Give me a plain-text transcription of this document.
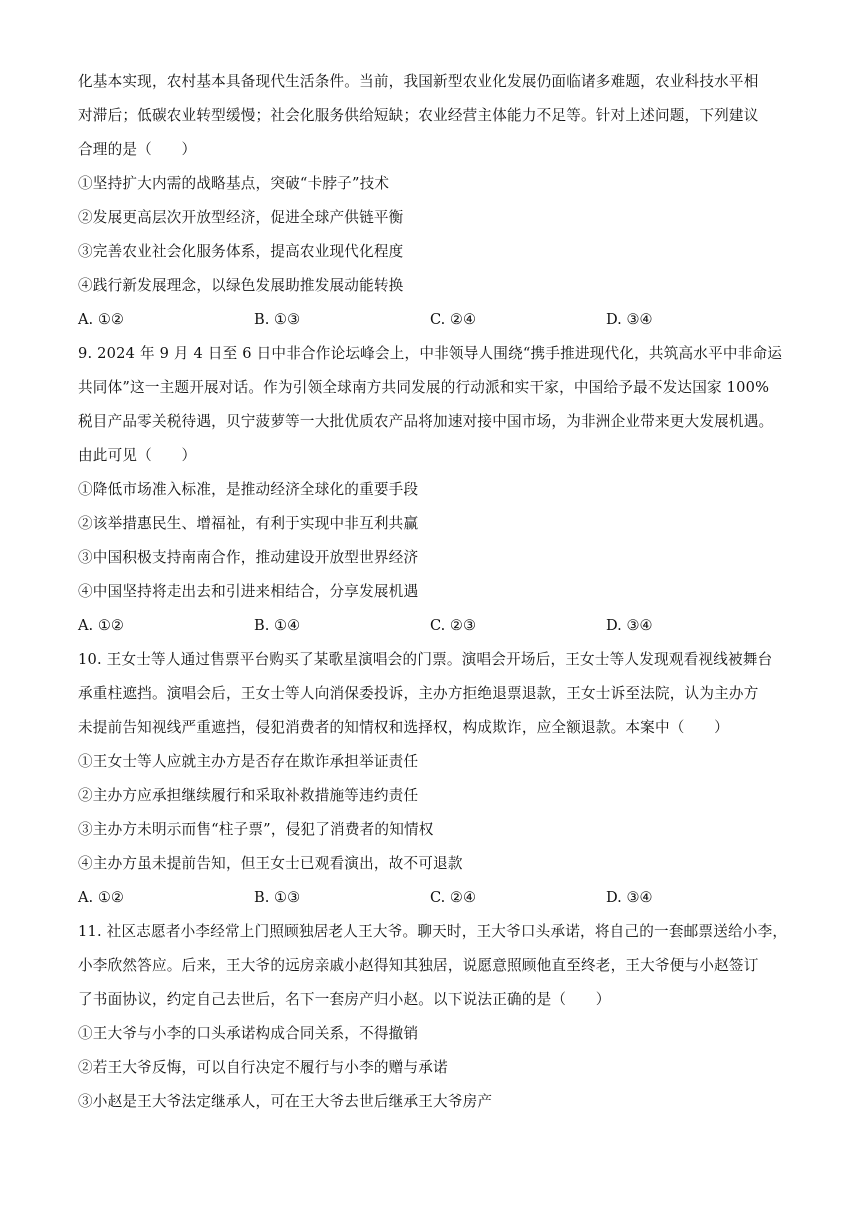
化基本实现，农村基本具备现代生活条件。当前，我国新型农业化发展仍面临诸多难题，农业科技水平相
对滞后；低碳农业转型缓慢；社会化服务供给短缺；农业经营主体能力不足等。针对上述问题，下列建议
合理的是（　　）
①坚持扩大内需的战略基点，突破“卡脖子”技术
②发展更高层次开放型经济，促进全球产供链平衡
③完善农业社会化服务体系，提高农业现代化程度
④践行新发展理念，以绿色发展助推发展动能转换
A. ①②	B. ①③	C. ②④	D. ③④
9. 2024 年 9 月 4 日至 6 日中非合作论坛峰会上，中非领导人围绕“携手推进现代化，共筑高水平中非命运
共同体”这一主题开展对话。作为引领全球南方共同发展的行动派和实干家，中国给予最不发达国家 100%
税目产品零关税待遇，贝宁菠萝等一大批优质农产品将加速对接中国市场，为非洲企业带来更大发展机遇。
由此可见（　　）
①降低市场准入标准，是推动经济全球化的重要手段
②该举措惠民生、增福祉，有利于实现中非互利共赢
③中国积极支持南南合作，推动建设开放型世界经济
④中国坚持将走出去和引进来相结合，分享发展机遇
A. ①②	B. ①④	C. ②③	D. ③④
10. 王女士等人通过售票平台购买了某歌星演唱会的门票。演唱会开场后，王女士等人发现观看视线被舞台
承重柱遮挡。演唱会后，王女士等人向消保委投诉，主办方拒绝退票退款，王女士诉至法院，认为主办方
未提前告知视线严重遮挡，侵犯消费者的知情权和选择权，构成欺诈，应全额退款。本案中（　　）
①王女士等人应就主办方是否存在欺诈承担举证责任
②主办方应承担继续履行和采取补救措施等违约责任
③主办方未明示而售“柱子票”，侵犯了消费者的知情权
④主办方虽未提前告知，但王女士已观看演出，故不可退款
A. ①②	B. ①③	C. ②④	D. ③④
11. 社区志愿者小李经常上门照顾独居老人王大爷。聊天时，王大爷口头承诺，将自己的一套邮票送给小李，
小李欣然答应。后来，王大爷的远房亲戚小赵得知其独居，说愿意照顾他直至终老，王大爷便与小赵签订
了书面协议，约定自己去世后，名下一套房产归小赵。以下说法正确的是（　　）
①王大爷与小李的口头承诺构成合同关系，不得撤销
②若王大爷反悔，可以自行决定不履行与小李的赠与承诺
③小赵是王大爷法定继承人，可在王大爷去世后继承王大爷房产
